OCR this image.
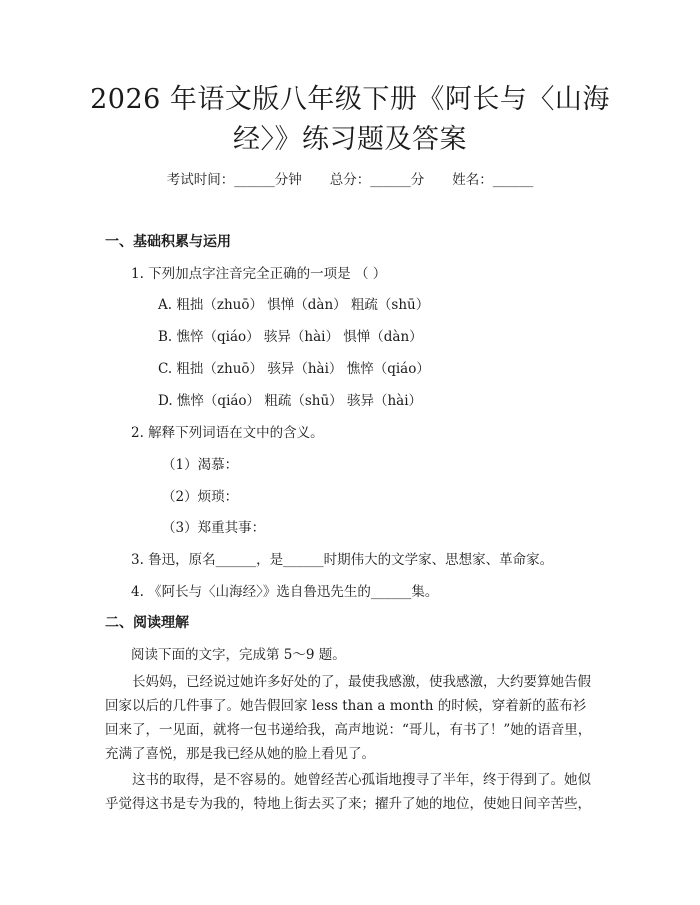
2026 年语文版八年级下册《阿长与〈山海
经〉》练习题及答案
考试时间：______分钟 总分：______分 姓名：______
一、基础积累与运用
1. 下列加点字注音完全正确的一项是 （ ）
A. 粗拙（zhuō） 惧惮（dàn） 粗疏（shū）
B. 憔悴（qiáo） 骇异（hài） 惧惮（dàn）
C. 粗拙（zhuō） 骇异（hài） 憔悴（qiáo）
D. 憔悴（qiáo） 粗疏（shū） 骇异（hài）
2. 解释下列词语在文中的含义。
（1）渴慕：
（2）烦琐：
（3）郑重其事：
3. 鲁迅，原名______，是______时期伟大的文学家、思想家、革命家。
4. 《阿长与〈山海经〉》选自鲁迅先生的______集。
二、阅读理解
阅读下面的文字，完成第 5～9 题。
长妈妈，已经说过她许多好处的了，最使我感激，使我感激，大约要算她告假回家以后的几件事了。她告假回家 less than a month 的时候，穿着新的蓝布衫回来了，一见面，就将一包书递给我，高声地说：“哥儿，有书了！”她的语音里，充满了喜悦，那是我已经从她的脸上看见了。
这书的取得，是不容易的。她曾经苦心孤诣地搜寻了半年，终于得到了。她似乎觉得这书是专为我的，特地上街去买了来；擢升了她的地位，使她日间辛苦些，
